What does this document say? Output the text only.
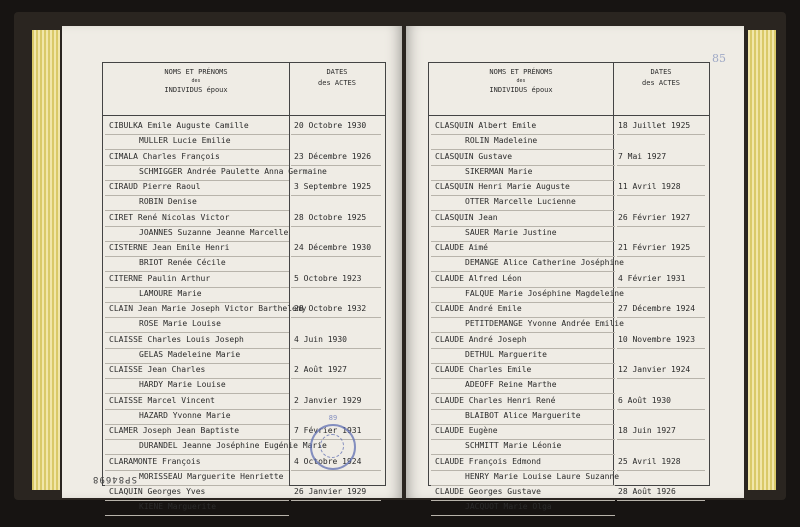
NOMS ET PRÉNOMS
des
INDIVIDUS époux
DATES
des ACTES
CIBULKA Emile Auguste Camille
MULLER Lucie Emilie
20 Octobre 1930
CIMALA Charles François
SCHMIGGER Andrée Paulette Anna Germaine
23 Décembre 1926
CIRAUD Pierre Raoul
ROBIN Denise
3 Septembre 1925
CIRET René Nicolas Victor
JOANNES Suzanne Jeanne Marcelle
28 Octobre 1925
CISTERNE Jean Emile Henri
BRIOT Renée Cécile
24 Décembre 1930
CITERNE Paulin Arthur
LAMOURE Marie
5 Octobre 1923
CLAIN Jean Marie Joseph Victor Barthelemy
ROSE Marie Louise
28 Octobre 1932
CLAISSE Charles Louis Joseph
GELAS Madeleine Marie
4 Juin 1930
CLAISSE Jean Charles
HARDY Marie Louise
2 Août 1927
CLAISSE Marcel Vincent
HAZARD Yvonne Marie
2 Janvier 1929
CLAMER Joseph Jean Baptiste
DURANDEL Jeanne Joséphine Eugénie Marie
7 Février 1931
CLARAMONTE François
MORISSEAU Marguerite Henriette
4 Octobre 1924
CLAQUIN Georges Yves
KIENE Marguerite
26 Janvier 1929
SP84698
89
85
NOMS ET PRÉNOMS
des
INDIVIDUS époux
DATES
des ACTES
CLASQUIN Albert Emile
ROLIN Madeleine
18 Juillet 1925
CLASQUIN Gustave
SIKERMAN Marie
7 Mai 1927
CLASQUIN Henri Marie Auguste
OTTER Marcelle Lucienne
11 Avril 1928
CLASQUIN Jean
SAUER Marie Justine
26 Février 1927
CLAUDE Aimé
DEMANGE Alice Catherine Joséphine
21 Février 1925
CLAUDE Alfred Léon
FALQUE Marie Joséphine Magdeleine
4 Février 1931
CLAUDE André Emile
PETITDEMANGE Yvonne Andrée Emilie
27 Décembre 1924
CLAUDE André Joseph
DETHUL Marguerite
10 Novembre 1923
CLAUDE Charles Emile
ADEOFF Reine Marthe
12 Janvier 1924
CLAUDE Charles Henri René
BLAIBOT Alice Marguerite
6 Août 1930
CLAUDE Eugène
SCHMITT Marie Léonie
18 Juin 1927
CLAUDE François Edmond
HENRY Marie Louise Laure Suzanne
25 Avril 1928
CLAUDE Georges Gustave
JACQUOT Marie Olga
28 Août 1926
